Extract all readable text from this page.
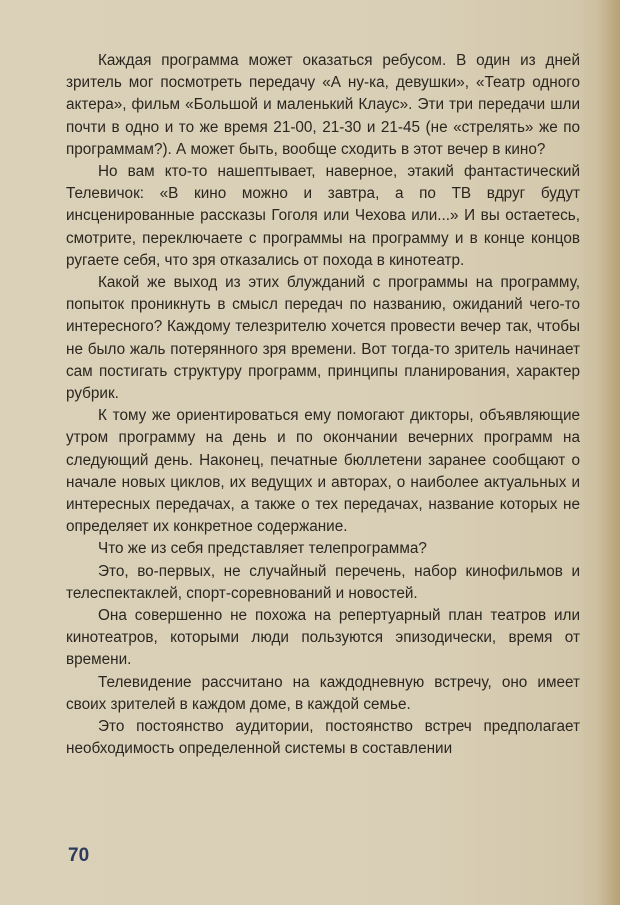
Каждая программа может оказаться ребусом. В один из дней зритель мог посмотреть передачу «А ну-ка, девушки», «Театр одного актера», фильм «Большой и маленький Клаус». Эти три передачи шли почти в одно и то же время 21-00, 21-30 и 21-45 (не «стрелять» же по программам?). А может быть, вообще сходить в этот вечер в кино?

Но вам кто-то нашептывает, наверное, этакий фантастический Телевичок: «В кино можно и завтра, а по ТВ вдруг будут инсценированные рассказы Гоголя или Чехова или...» И вы остаетесь, смотрите, переключаете с программы на программу и в конце концов ругаете себя, что зря отказались от похода в кинотеатр.

Какой же выход из этих блужданий с программы на программу, попыток проникнуть в смысл передач по названию, ожиданий чего-то интересного? Каждому телезрителю хочется провести вечер так, чтобы не было жаль потерянного зря времени. Вот тогда-то зритель начинает сам постигать структуру программ, принципы планирования, характер рубрик.

К тому же ориентироваться ему помогают дикторы, объявляющие утром программу на день и по окончании вечерних программ на следующий день. Наконец, печатные бюллетени заранее сообщают о начале новых циклов, их ведущих и авторах, о наиболее актуальных и интересных передачах, а также о тех передачах, название которых не определяет их конкретное содержание.

Что же из себя представляет телепрограмма?

Это, во-первых, не случайный перечень, набор кинофильмов и телеспектаклей, спорт-соревнований и новостей.

Она совершенно не похожа на репертуарный план театров или кинотеатров, которыми люди пользуются эпизодически, время от времени.

Телевидение рассчитано на каждодневную встречу, оно имеет своих зрителей в каждом доме, в каждой семье.

Это постоянство аудитории, постоянство встреч предполагает необходимость определенной системы в составлении

70
